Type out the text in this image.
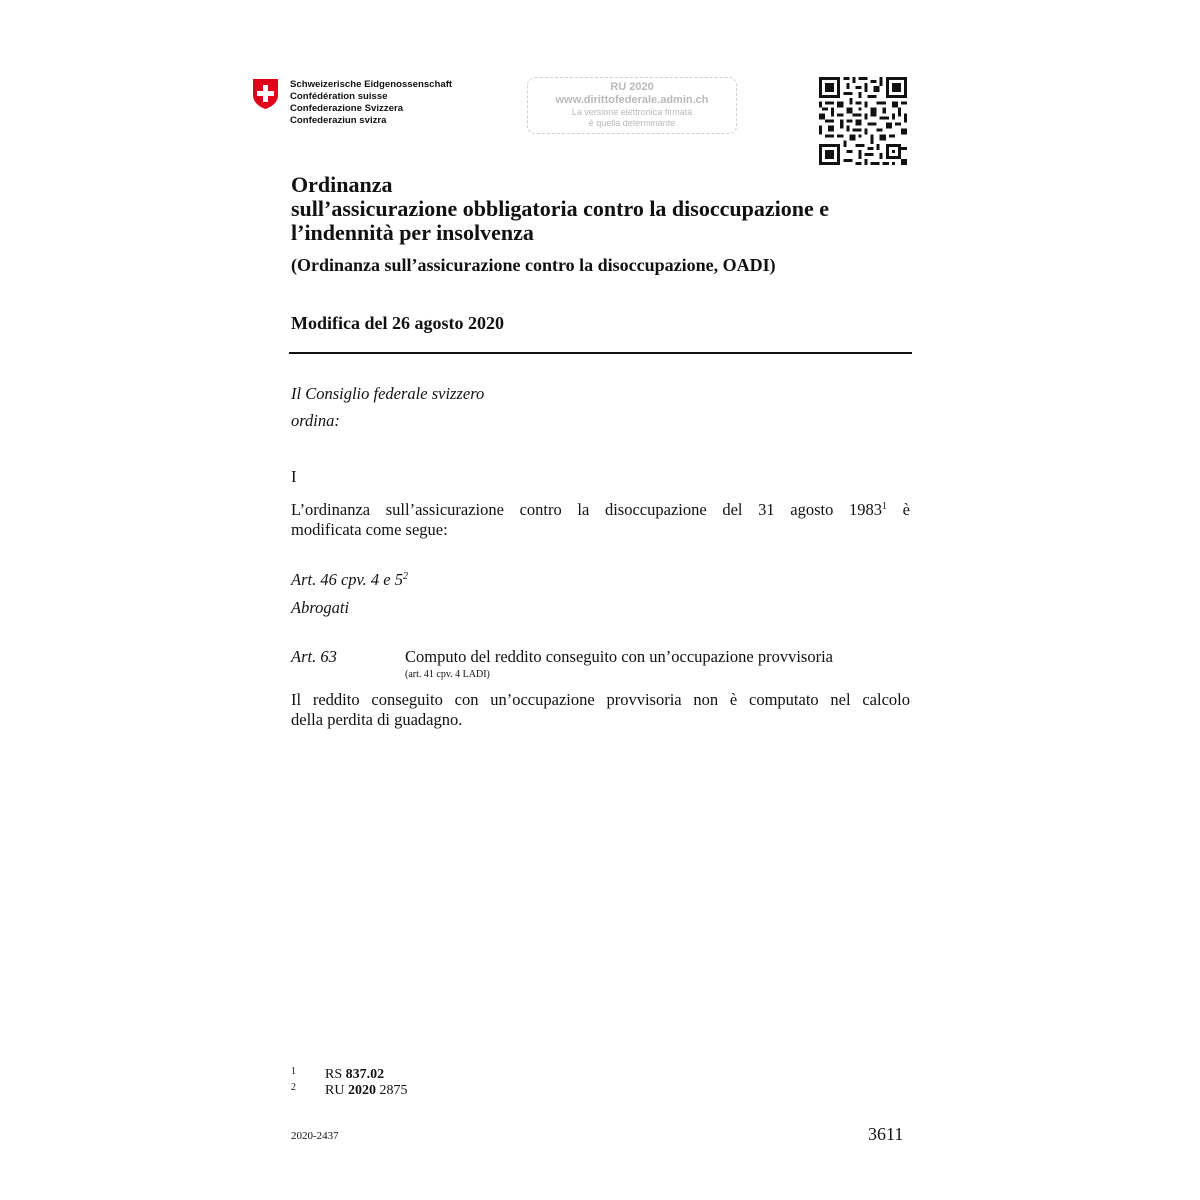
Schweizerische Eidgenossenschaft
Confédération suisse
Confederazione Svizzera
Confederaziun svizra
RU 2020
www.dirittofederale.admin.ch
La versione elettronica firmata
è quella determinante
Ordinanza
sull’assicurazione obbligatoria contro la disoccupazione e
l’indennità per insolvenza
(Ordinanza sull’assicurazione contro la disoccupazione, OADI)
Modifica del 26 agosto 2020
Il Consiglio federale svizzero
ordina:
I
L’ordinanza sull’assicurazione contro la disoccupazione del 31 agosto 1983$^1$ è
modificata come segue:
Art. 46 cpv. 4 e $5^2$
Abrogati
Art. 63	Computo del reddito conseguito con un’occupazione provvisoria
(art. 41 cpv. 4 LADI)
Il reddito conseguito con un’occupazione provvisoria non è computato nel calcolo
della perdita di guadagno.
1 RS 837.02
2 RU 2020 2875
2020-2437	3611
